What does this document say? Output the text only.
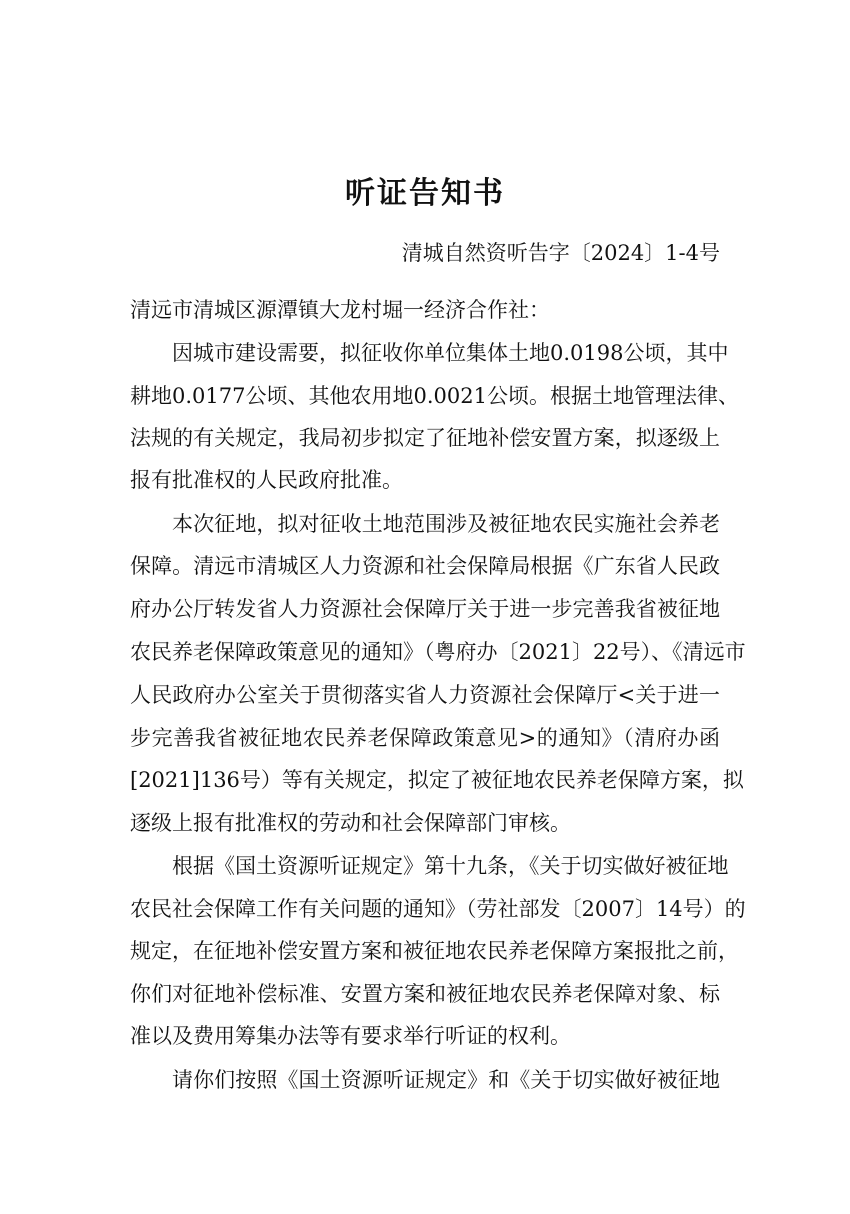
听证告知书

清城自然资听告字〔2024〕1-4号

清远市清城区源潭镇大龙村堀一经济合作社：

因城市建设需要，拟征收你单位集体土地0.0198公顷，其中

耕地0.0177公顷、其他农用地0.0021公顷。根据土地管理法律、

法规的有关规定，我局初步拟定了征地补偿安置方案，拟逐级上

报有批准权的人民政府批准。

本次征地，拟对征收土地范围涉及被征地农民实施社会养老

保障。清远市清城区人力资源和社会保障局根据《广东省人民政

府办公厅转发省人力资源社会保障厅关于进一步完善我省被征地

农民养老保障政策意见的通知》（粤府办〔2021〕22号）、《清远市

人民政府办公室关于贯彻落实省人力资源社会保障厅<关于进一

步完善我省被征地农民养老保障政策意见>的通知》（清府办函

[2021]136号）等有关规定，拟定了被征地农民养老保障方案，拟

逐级上报有批准权的劳动和社会保障部门审核。

根据《国土资源听证规定》第十九条，《关于切实做好被征地

农民社会保障工作有关问题的通知》（劳社部发〔2007〕14号）的

规定，在征地补偿安置方案和被征地农民养老保障方案报批之前，

你们对征地补偿标准、安置方案和被征地农民养老保障对象、标

准以及费用筹集办法等有要求举行听证的权利。

请你们按照《国土资源听证规定》和《关于切实做好被征地
